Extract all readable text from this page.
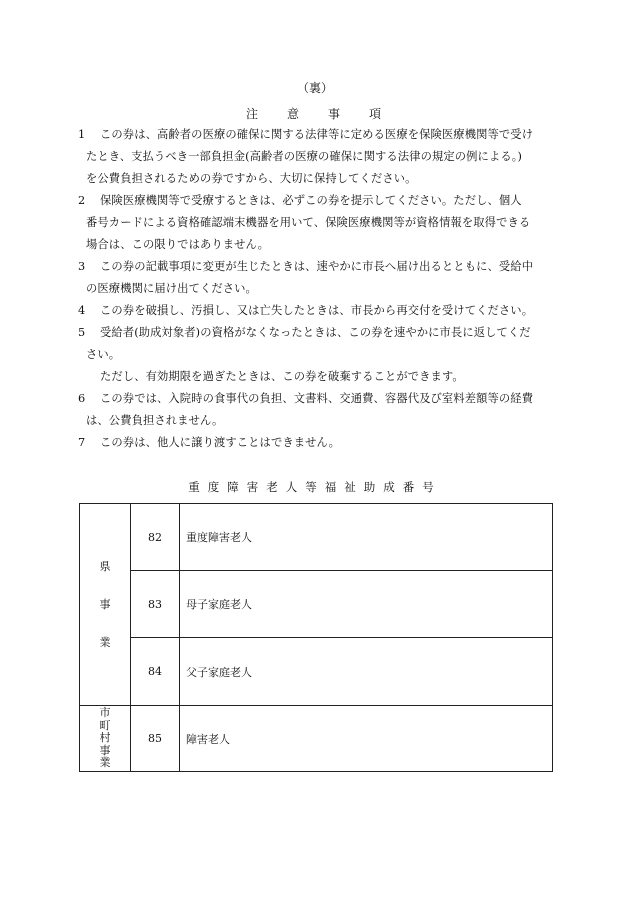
（裏）
注 意 事 項
1	この券は、高齢者の医療の確保に関する法律等に定める医療を保険医療機関等で受け
たとき、支払うべき一部負担金(高齢者の医療の確保に関する法律の規定の例による。)
を公費負担されるための券ですから、大切に保持してください。
2	保険医療機関等で受療するときは、必ずこの券を提示してください。ただし、個人
番号カードによる資格確認端末機器を用いて、保険医療機関等が資格情報を取得できる
場合は、この限りではありません。
3	この券の記載事項に変更が生じたときは、速やかに市長へ届け出るとともに、受給中
の医療機関に届け出てください。
4	この券を破損し、汚損し、又は亡失したときは、市長から再交付を受けてください。
5	受給者(助成対象者)の資格がなくなったときは、この券を速やかに市長に返してくだ
さい。
ただし、有効期限を過ぎたときは、この券を破棄することができます。
6	この券では、入院時の食事代の負担、文書料、交通費、容器代及び室料差額等の経費
は、公費負担されません。
7	この券は、他人に譲り渡すことはできません。
重度障害老人等福祉助成番号
県事業	82	重度障害老人
	83	母子家庭老人
	84	父子家庭老人
市町村事業	85	障害老人
